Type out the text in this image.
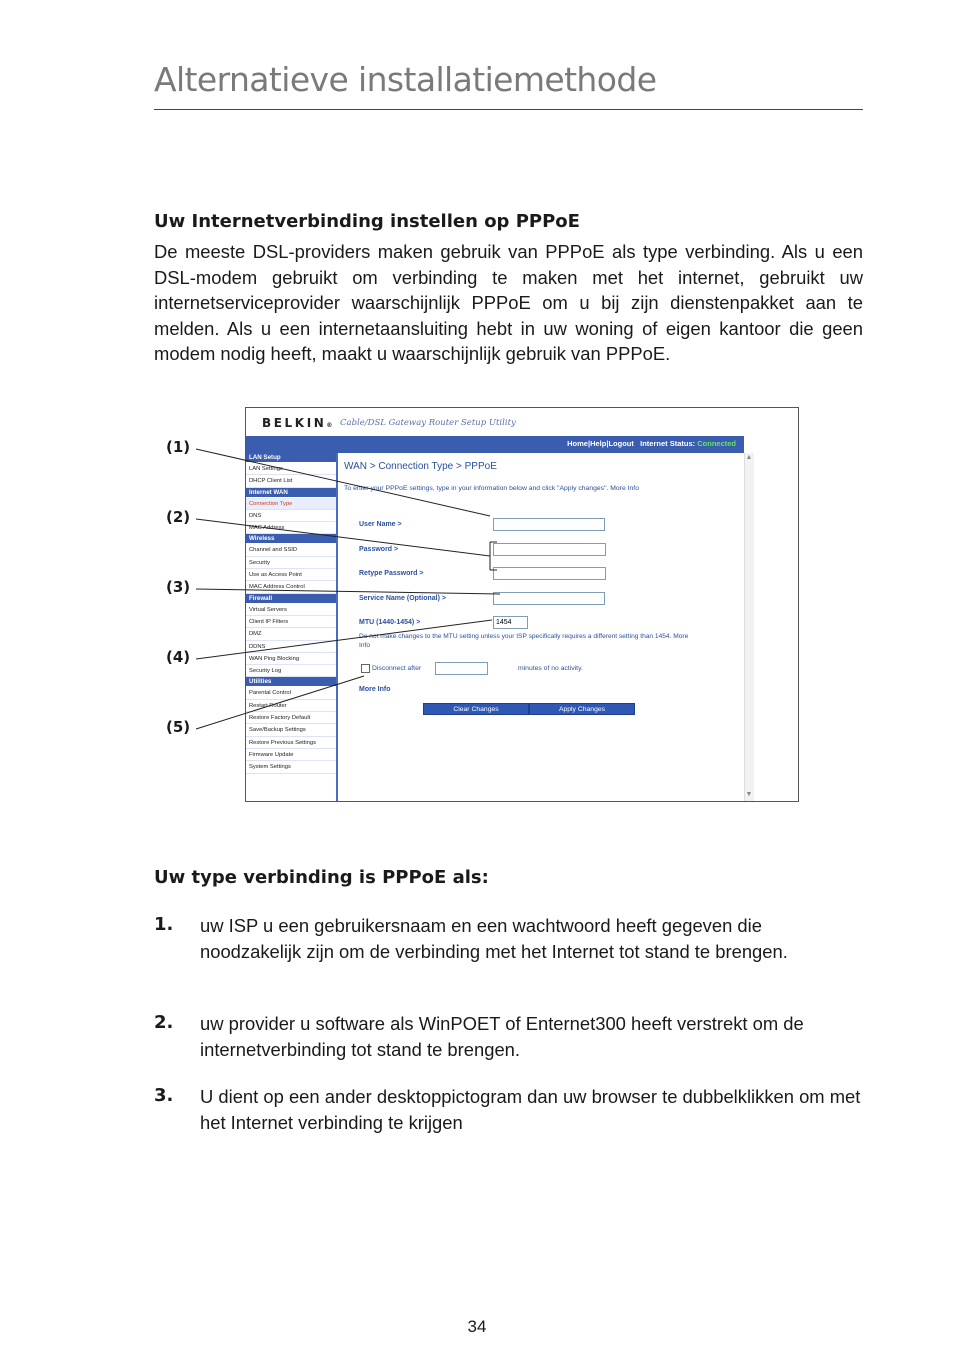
Alternatieve installatiemethode
Uw Internetverbinding instellen op PPPoE

De meeste DSL-providers maken gebruik van PPPoE als type verbinding. Als u een DSL-modem gebruikt om verbinding te maken met het internet, gebruikt uw internetserviceprovider waarschijnlijk PPPoE om u bij zijn dienstenpakket aan te melden. Als u een internetaansluiting hebt in uw woning of eigen kantoor die geen modem nodig heeft, maakt u waarschijnlijk gebruik van PPPoE.

BELKIN® Cable/DSL Gateway Router Setup Utility
Home|Help|Logout Internet Status: Connected
LAN Setup
LAN Settings
DHCP Client List
Internet WAN
Connection Type
DNS
MAC Address
Wireless
Channel and SSID
Security
Use as Access Point
MAC Address Control
Firewall
Virtual Servers
Client IP Filters
DMZ
DDNS
WAN Ping Blocking
Security Log
Utilities
Parental Control
Restart Router
Restore Factory Default
Save/Backup Settings
Restore Previous Settings
Firmware Update
System Settings
WAN > Connection Type > PPPoE
To enter your PPPoE settings, type in your information below and click "Apply changes". More Info
User Name >
Password >
Retype Password >
Service Name (Optional) >
MTU (1440-1454) >	1454
Do not make changes to the MTU setting unless your ISP specifically requires a different setting than 1454. More Info
Disconnect after	minutes of no activity.
More Info
Clear Changes	Apply Changes
▲
▼
(1)
(2)
(3)
(4)
(5)
Uw type verbinding is PPPoE als:
1. uw ISP u een gebruikersnaam en een wachtwoord heeft gegeven die noodzakelijk zijn om de verbinding met het Internet tot stand te brengen.

2. uw provider u software als WinPOET of Enternet300 heeft verstrekt om de internetverbinding tot stand te brengen.

3. U dient op een ander desktoppictogram dan uw browser te dubbelklikken om met het Internet verbinding te krijgen

34
